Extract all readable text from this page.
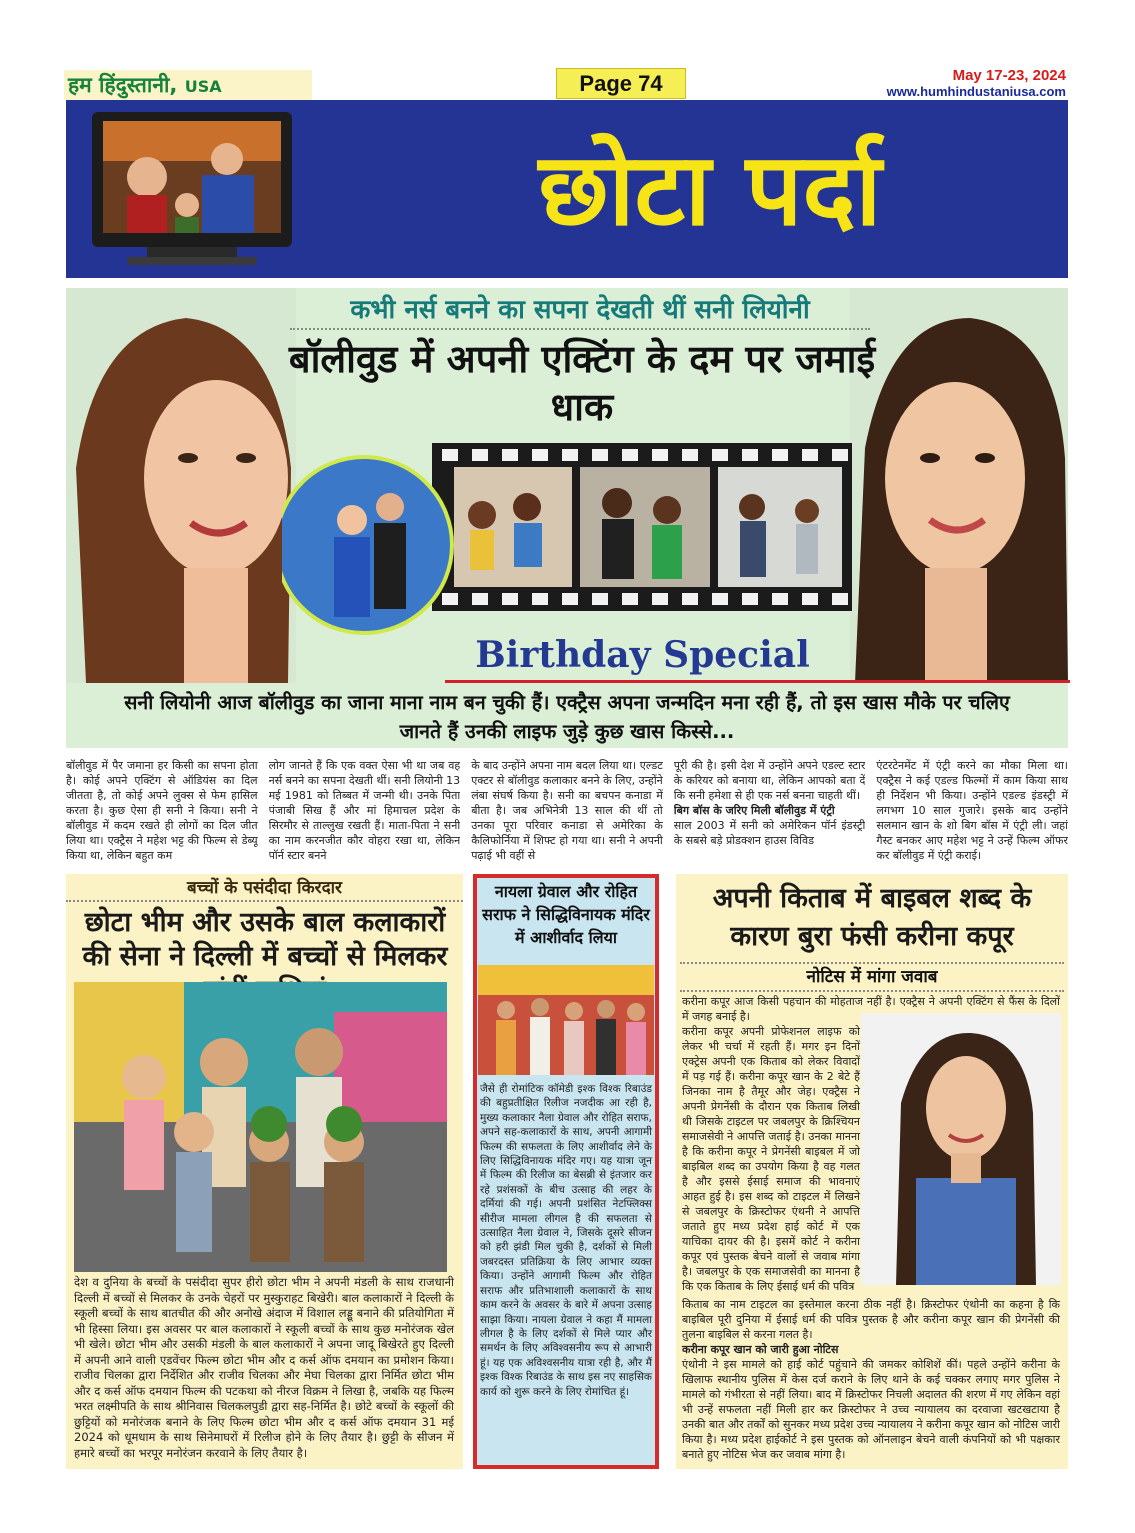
हम हिंदुस्तानी, USA	Page 74	May 17-23, 2024
www.humhindustaniusa.com
छोटा पर्दा
कभी नर्स बनने का सपना देखती थीं सनी लियोनी
बॉलीवुड में अपनी एक्टिंग के दम पर जमाई धाक
Birthday Special
सनी लियोनी आज बॉलीवुड का जाना माना नाम बन चुकी हैं। एक्ट्रैस अपना जन्मदिन मना रही हैं, तो इस खास मौके पर चलिए जानते हैं उनकी लाइफ जुड़े कुछ खास किस्से...
बॉलीवुड में पैर जमाना हर किसी का सपना होता है। कोई अपने एक्टिंग से ऑडियंस का दिल जीतता है, तो कोई अपने लुक्स से फेम हासिल करता है। कुछ ऐसा ही सनी ने किया। सनी ने बॉलीवुड में कदम रखते ही लोगों का दिल जीत लिया था। एक्ट्रैस ने महेश भट्ट की फिल्म से डेब्यू किया था, लेकिन बहुत कम
लोग जानते हैं कि एक वक्त ऐसा भी था जब वह नर्स बनने का सपना देखती थीं। सनी लियोनी 13 मई 1981 को तिब्बत में जन्मी थी। उनके पिता पंजाबी सिख हैं और मां हिमाचल प्रदेश के सिरमौर से ताल्लुख रखती हैं। माता-पिता ने सनी का नाम करनजीत कौर वोहरा रखा था, लेकिन पॉर्न स्टार बनने
के बाद उन्होंने अपना नाम बदल लिया था। एल्डट एक्टर से बॉलीवुड कलाकार बनने के लिए, उन्होंने लंबा संघर्ष किया है। सनी का बचपन कनाडा में बीता है। जब अभिनेत्री 13 साल की थीं तो उनका पूरा परिवार कनाडा से अमेरिका के कैलिफोर्निया में शिफ्ट हो गया था। सनी ने अपनी पढ़ाई भी वहीं से
पूरी की है। इसी देश में उन्होंने अपने एडल्ट स्टार के करियर को बनाया था, लेकिन आपको बता दें कि सनी हमेशा से ही एक नर्स बनना चाहती थीं।
बिग बॉस के जरिए मिली बॉलीवुड में एंट्री
साल 2003 में सनी को अमेरिकन पॉर्न इंडस्ट्री के सबसे बड़े प्रोडक्शन हाउस विविड
एंटरटेनमेंट में एंट्री करने का मौका मिला था। एक्ट्रैस ने कई एडल्ड फिल्मों में काम किया साथ ही निर्देशन भी किया। उन्होंने एडल्ड इंडस्ट्री में लगभग 10 साल गुजारे। इसके बाद उन्होंने सलमान खान के शो बिग बॉस में एंट्री ली। जहां गैस्ट बनकर आए महेश भट्ट ने उन्हें फिल्म ऑफर कर बॉलीवुड में एंट्री कराई।
बच्चों के पसंदीदा किरदार
छोटा भीम और उसके बाल कलाकारों की सेना ने दिल्ली में बच्चों से मिलकर
देश व दुनिया के बच्चों के पसंदीदा सुपर हीरो छोटा भीम ने अपनी मंडली के साथ राजधानी दिल्ली में बच्चों से मिलकर के उनके चेहरों पर मुस्कुराहट बिखेरी। बाल कलाकारों ने दिल्ली के स्कूली बच्चों के साथ बातचीत की और अनोखे अंदाज में विशाल लड्डू बनाने की प्रतियोगिता में भी हिस्सा लिया। इस अवसर पर बाल कलाकारों ने स्कूली बच्चों के साथ कुछ मनोरंजक खेल भी खेले। छोटा भीम और उसकी मंडली के बाल कलाकारों ने अपना जादू बिखेरते हुए दिल्ली में अपनी आने वाली एडवेंचर फिल्म छोटा भीम और द कर्स ऑफ दमयान का प्रमोशन किया। राजीव चिलका द्वारा निर्देशित और राजीव चिलका और मेघा चिलका द्वारा निर्मित छोटा भीम और द कर्स ऑफ दमयान फिल्म की पटकथा को नीरज विक्रम ने लिखा है, जबकि यह फिल्म भरत लक्ष्मीपति के साथ श्रीनिवास चिलकलपुडी द्वारा सह-निर्मित है। छोटे बच्चों के स्कूलों की छुट्टियों को मनोरंजक बनाने के लिए फिल्म छोटा भीम और द कर्स ऑफ दमयान 31 मई 2024 को धूमधाम के साथ सिनेमाघरों में रिलीज होने के लिए तैयार है। छुट्टी के सीजन में हमारे बच्चों का भरपूर मनोरंजन करवाने के लिए तैयार है।
नायला ग्रेवाल और रोहित सराफ ने सिद्धिविनायक मंदिर में आशीर्वाद लिया
जैसे ही रोमांटिक कॉमेडी इश्क विश्क रिबाउंड की बहुप्रतीक्षित रिलीज नजदीक आ रही है, मुख्य कलाकार नैला ग्रेवाल और रोहित सराफ, अपने सह-कलाकारों के साथ, अपनी आगामी फिल्म की सफलता के लिए आशीर्वाद लेने के लिए सिद्धिविनायक मंदिर गए। यह यात्रा जून में फिल्म की रिलीज का बेसब्री से इंतजार कर रहे प्रशंसकों के बीच उत्साह की लहर के दर्मियां की गई। अपनी प्रशंसित नेटफ्लिक्स सीरीज मामला लीगल है की सफलता से उत्साहित नैला ग्रेवाल ने, जिसके दूसरे सीजन को हरी झंडी मिल चुकी है, दर्शकों से मिली जबरदस्त प्रतिक्रिया के लिए आभार व्यक्त किया। उन्होंने आगामी फिल्म और रोहित सराफ और प्रतिभाशाली कलाकारों के साथ काम करने के अवसर के बारे में अपना उत्साह साझा किया। नायला ग्रेवाल ने कहा मैं मामला लीगल है के लिए दर्शकों से मिले प्यार और समर्थन के लिए अविश्वसनीय रूप से आभारी हूं। यह एक अविश्वसनीय यात्रा रही है, और मैं इश्क विश्क रिबाउंड के साथ इस नए साहसिक कार्य को शुरू करने के लिए रोमांचित हूं।
अपनी किताब में बाइबल शब्द के कारण बुरा फंसी करीना कपूर
नोटिस में मांगा जवाब
करीना कपूर आज किसी पहचान की मोहताज नहीं है। एक्ट्रैस ने अपनी एक्टिंग से फैंस के दिलों में जगह बनाई है।
करीना कपूर अपनी प्रोफेशनल लाइफ को लेकर भी चर्चा में रहती हैं। मगर इन दिनों एक्ट्रेस अपनी एक किताब को लेकर विवादों में पड़ गई हैं। करीना कपूर खान के 2 बेटे हैं जिनका नाम है तैमूर और जेह। एक्ट्रैस ने अपनी प्रेगनेंसी के दौरान एक किताब लिखी थी जिसके टाइटल पर जबलपुर के क्रिश्चियन समाजसेवी ने आपत्ति जताई है। उनका मानना है कि करीना कपूर ने प्रेगनेंसी बाइबल में जो बाइबिल शब्द का उपयोग किया है वह गलत है और इससे ईसाई समाज की भावनाएं आहत हुई है। इस शब्द को टाइटल में लिखने से जबलपुर के क्रिस्टोफर एंथनी ने आपत्ति जताते हुए मध्य प्रदेश हाई कोर्ट में एक याचिका दायर की है। इसमें कोर्ट ने करीना कपूर एवं पुस्तक बेचने वालों से जवाब मांगा है। जबलपुर के एक समाजसेवी का मानना है कि एक किताब के लिए ईसाई धर्म की पवित्र
किताब का नाम टाइटल का इस्तेमाल करना ठीक नहीं है। क्रिस्टोफर एंथोनी का कहना है कि बाइबिल पूरी दुनिया में ईसाई धर्म की पवित्र पुस्तक है और करीना कपूर खान की प्रेगनेंसी की तुलना बाइबिल से करना गलत है।
करीना कपूर खान को जारी हुआ नोटिस
एंथोनी ने इस मामले को हाई कोर्ट पहुंचाने की जमकर कोशिशें कीं। पहले उन्होंने करीना के खिलाफ स्थानीय पुलिस में केस दर्ज कराने के लिए थाने के कई चक्कर लगाए मगर पुलिस ने मामले को गंभीरता से नहीं लिया। बाद में क्रिस्टोफर निचली अदालत की शरण में गए लेकिन वहां भी उन्हें सफलता नहीं मिली हार कर क्रिस्टोफर ने उच्च न्यायालय का दरवाजा खटखटाया है उनकी बात और तर्कों को सुनकर मध्य प्रदेश उच्च न्यायालय ने करीना कपूर खान को नोटिस जारी किया है। मध्य प्रदेश हाईकोर्ट ने इस पुस्तक को ऑनलाइन बेचने वाली कंपनियों को भी पक्षकार बनाते हुए नोटिस भेज कर जवाब मांगा है।
